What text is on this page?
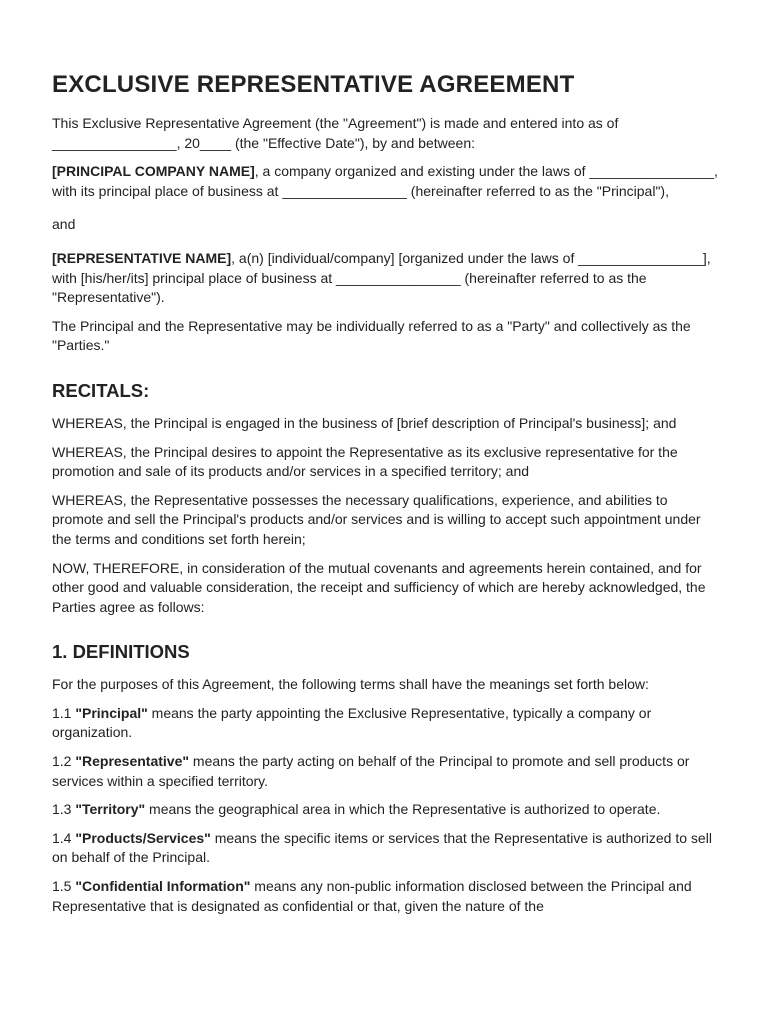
EXCLUSIVE REPRESENTATIVE AGREEMENT

This Exclusive Representative Agreement (the "Agreement") is made and entered into as of ________________, 20____ (the "Effective Date"), by and between:

[PRINCIPAL COMPANY NAME], a company organized and existing under the laws of ________________, with its principal place of business at ________________ (hereinafter referred to as the "Principal"),

and

[REPRESENTATIVE NAME], a(n) [individual/company] [organized under the laws of ________________], with [his/her/its] principal place of business at ________________ (hereinafter referred to as the "Representative").

The Principal and the Representative may be individually referred to as a "Party" and collectively as the "Parties."

RECITALS:

WHEREAS, the Principal is engaged in the business of [brief description of Principal's business]; and

WHEREAS, the Principal desires to appoint the Representative as its exclusive representative for the promotion and sale of its products and/or services in a specified territory; and

WHEREAS, the Representative possesses the necessary qualifications, experience, and abilities to promote and sell the Principal's products and/or services and is willing to accept such appointment under the terms and conditions set forth herein;

NOW, THEREFORE, in consideration of the mutual covenants and agreements herein contained, and for other good and valuable consideration, the receipt and sufficiency of which are hereby acknowledged, the Parties agree as follows:

1. DEFINITIONS

For the purposes of this Agreement, the following terms shall have the meanings set forth below:

1.1 "Principal" means the party appointing the Exclusive Representative, typically a company or organization.

1.2 "Representative" means the party acting on behalf of the Principal to promote and sell products or services within a specified territory.

1.3 "Territory" means the geographical area in which the Representative is authorized to operate.

1.4 "Products/Services" means the specific items or services that the Representative is authorized to sell on behalf of the Principal.

1.5 "Confidential Information" means any non-public information disclosed between the Principal and Representative that is designated as confidential or that, given the nature of the
